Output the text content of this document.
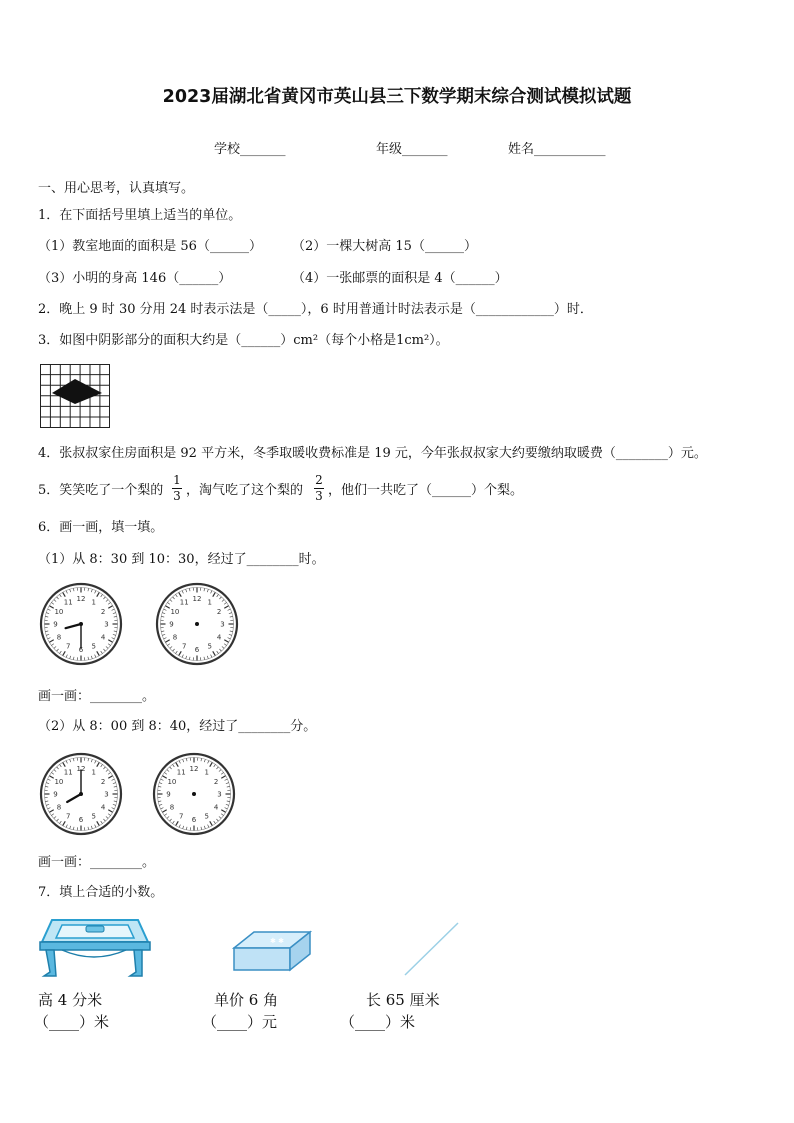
2023届湖北省黄冈市英山县三下数学期末综合测试模拟试题
学校_______	年级_______	姓名___________
一、用心思考，认真填写。
1．在下面括号里填上适当的单位。
（1）教室地面的面积是 56（______） （2）一棵大树高 15（______）
（3）小明的身高 146（______）	（4）一张邮票的面积是 4（______）
2．晚上 9 时 30 分用 24 时表示法是（_____），6 时用普通计时法表示是（____________）时．
3．如图中阴影部分的面积大约是（______）cm²（每个小格是1cm²）。
4．张叔叔家住房面积是 92 平方米，冬季取暖收费标准是 19 元，今年张叔叔家大约要缴纳取暖费（________）元。
5．笑笑吃了一个梨的
1
3 ，淘气吃了这个梨的
2
3 ，他们一共吃了（______）个梨。
6．画一画，填一填。
（1）从 8：30 到 10：30，经过了________时。
12 1
2
3
4
5
6
7
8
9
10
11	12 1
2
3
4
5
6
7
8
9
10
11
画一画：________。
（2）从 8：00 到 8：40，经过了________分。
12 1
2
3
4
5
6
7
8
9
10
11	12 1
2
3
4
5
6
7
8
9
10
11
画一画：________。
7．填上合适的小数。
✱ ✱
高 4 分米	单价 6 角	长 65 厘米
（____）米	（____）元	（____）米
